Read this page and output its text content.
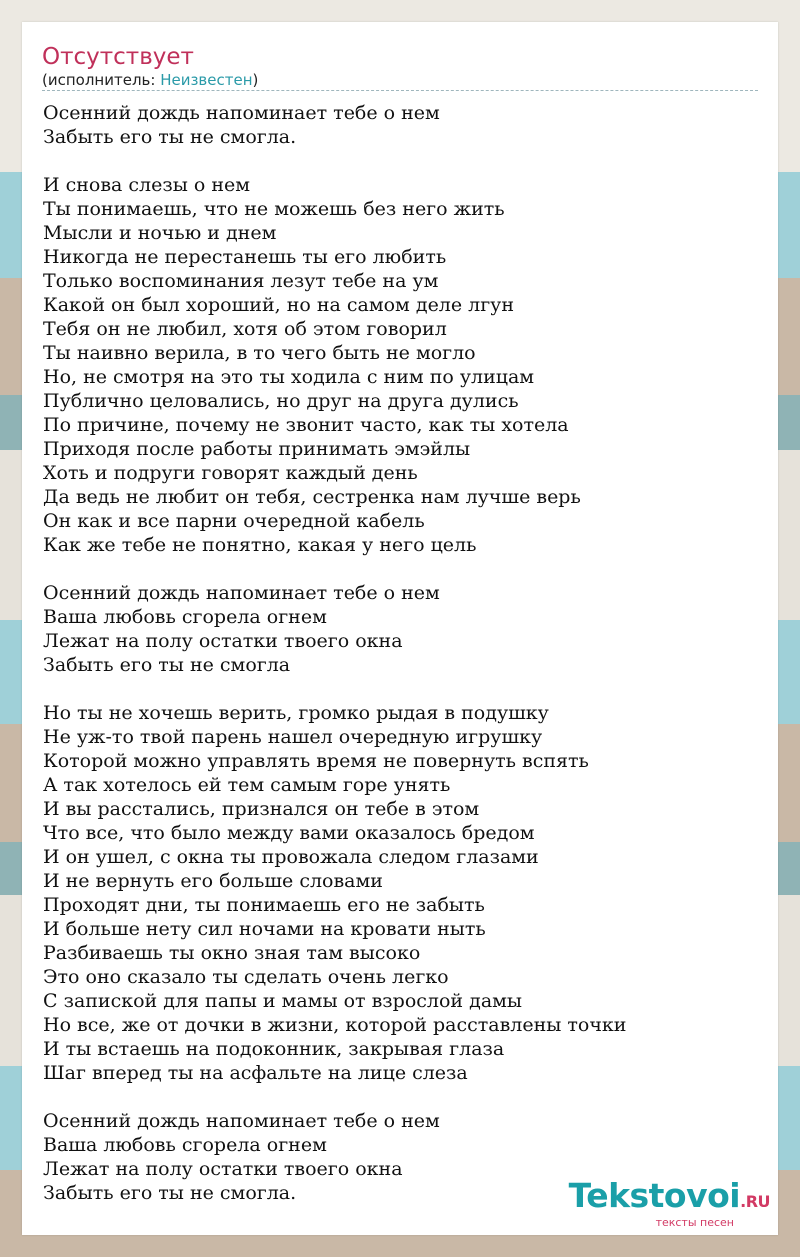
Отсутствует
(исполнитель: Неизвестен)
Осенний дождь напоминает тебе о нем
Забыть его ты не смогла.
И снова слезы о нем
Ты понимаешь, что не можешь без него жить
Мысли и ночью и днем
Никогда не перестанешь ты его любить
Только воспоминания лезут тебе на ум
Какой он был хороший, но на самом деле лгун
Тебя он не любил, хотя об этом говорил
Ты наивно верила, в то чего быть не могло
Но, не смотря на это ты ходила с ним по улицам
Публично целовались, но друг на друга дулись
По причине, почему не звонит часто, как ты хотела
Приходя после работы принимать эмэйлы
Хоть и подруги говорят каждый день
Да ведь не любит он тебя, сестренка нам лучше верь
Он как и все парни очередной кабель
Как же тебе не понятно, какая у него цель
Осенний дождь напоминает тебе о нем
Ваша любовь сгорела огнем
Лежат на полу остатки твоего окна
Забыть его ты не смогла
Но ты не хочешь верить, громко рыдая в подушку
Не уж-то твой парень нашел очередную игрушку
Которой можно управлять время не повернуть вспять
А так хотелось ей тем самым горе унять
И вы расстались, признался он тебе в этом
Что все, что было между вами оказалось бредом
И он ушел, с окна ты провожала следом глазами
И не вернуть его больше словами
Проходят дни, ты понимаешь его не забыть
И больше нету сил ночами на кровати ныть
Разбиваешь ты окно зная там высоко
Это оно сказало ты сделать очень легко
С запиской для папы и мамы от взрослой дамы
Но все, же от дочки в жизни, которой расставлены точки
И ты встаешь на подоконник, закрывая глаза
Шаг вперед ты на асфальте на лице слеза
Осенний дождь напоминает тебе о нем
Ваша любовь сгорела огнем
Лежат на полу остатки твоего окна
Забыть его ты не смогла.	Tekstovoi.RU
тексты песен
